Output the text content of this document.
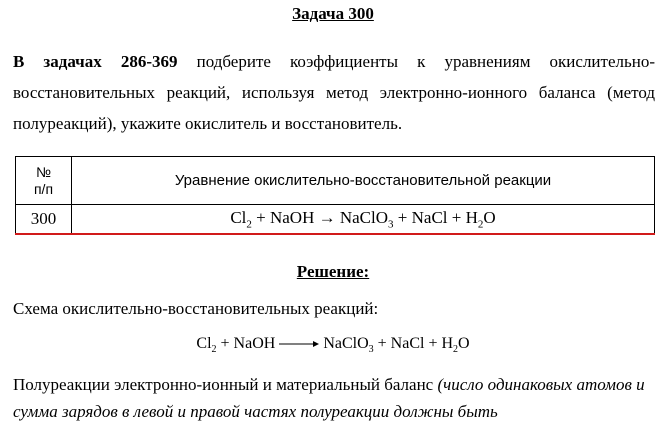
Задача 300
В задачах 286-369 подберите коэффициенты к уравнениям окислительно-восстановительных реакций, используя метод электронно-ионного баланса (метод полуреакций), укажите окислитель и восстановитель.
№
п/п	Уравнение окислительно-восстановительной реакции
300	$Cl_2$ + NaOH → NaClO$_3$ + NaCl + $H_2O$
Решение:
Схема окислительно-восстановительных реакций:
$Cl_2$ + NaOH	NaClO$_3$ + NaCl + $H_2O$
Полуреакции электронно-ионный и материальный баланс (число одинаковых атомов и сумма зарядов в левой и правой частях полуреакции должны быть
